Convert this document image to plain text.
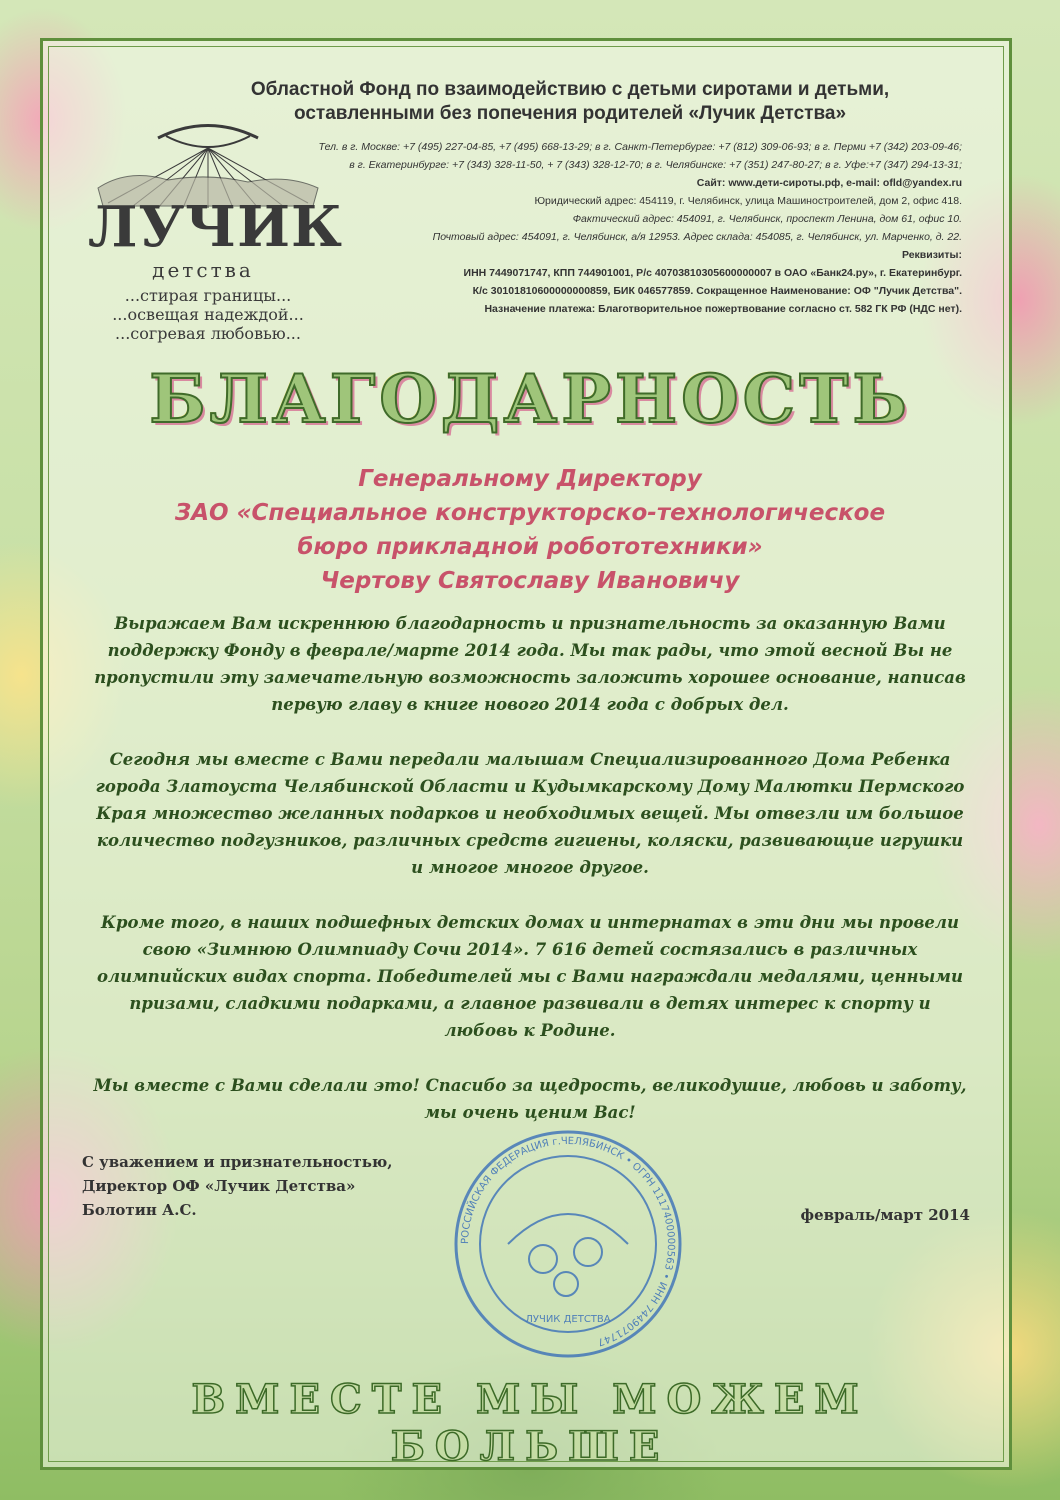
Областной Фонд по взаимодействию с детьми сиротами и детьми,
оставленными без попечения родителей «Лучик Детства»
ЛУЧИК
детства
...стирая границы...
...освещая надеждой...
...согревая любовью...
Тел. в г. Москве: +7 (495) 227-04-85, +7 (495) 668-13-29; в г. Санкт-Петербурге: +7 (812) 309-06-93; в г. Перми +7 (342) 203-09-46;
в г. Екатеринбурге: +7 (343) 328-11-50, + 7 (343) 328-12-70; в г. Челябинске: +7 (351) 247-80-27; в г. Уфе:+7 (347) 294-13-31;
Сайт: www.дети-сироты.рф, e-mail: ofld@yandex.ru
Юридический адрес: 454119, г. Челябинск, улица Машиностроителей, дом 2, офис 418.
Фактический адрес: 454091, г. Челябинск, проспект Ленина, дом 61, офис 10.
Почтовый адрес: 454091, г. Челябинск, а/я 12953. Адрес склада: 454085, г. Челябинск, ул. Марченко, д. 22.
Реквизиты:
ИНН 7449071747, КПП 744901001, Р/с 40703810305600000007 в ОАО «Банк24.ру», г. Екатеринбург.
К/с 30101810600000000859, БИК 046577859. Сокращенное Наименование: ОФ "Лучик Детства".
Назначение платежа: Благотворительное пожертвование согласно ст. 582 ГК РФ (НДС нет).
БЛАГОДАРНОСТЬ
Генеральному Директору
ЗАО «Специальное конструкторско-технологическое
бюро прикладной робототехники»
Чертову Святославу Ивановичу

Выражаем Вам искреннюю благодарность и признательность за оказанную Вами поддержку Фонду в феврале/марте 2014 года. Мы так рады, что этой весной Вы не пропустили эту замечательную возможность заложить хорошее основание, написав первую главу в книге нового 2014 года с добрых дел.

Сегодня мы вместе с Вами передали малышам Специализированного Дома Ребенка города Златоуста Челябинской Области и Кудымкарскому Дому Малютки Пермского Края множество желанных подарков и необходимых вещей. Мы отвезли им большое количество подгузников, различных средств гигиены, коляски, развивающие игрушки и многое многое другое.

Кроме того, в наших подшефных детских домах и интернатах в эти дни мы провели свою «Зимнюю Олимпиаду Сочи 2014». 7 616 детей состязались в различных олимпийских видах спорта. Победителей мы с Вами награждали медалями, ценными призами, сладкими подарками, а главное развивали в детях интерес к спорту и любовь к Родине.

Мы вместе с Вами сделали это! Спасибо за щедрость, великодушие, любовь и заботу, мы очень ценим Вас!

С уважением и признательностью,
Директор ОФ «Лучик Детства»
Болотин А.С.
РОССИЙСКАЯ ФЕДЕРАЦИЯ г.ЧЕЛЯБИНСК • ОГРН 1117400000563 • ИНН 7449071747
ЛУЧИК ДЕТСТВА
февраль/март 2014
ВМЕСТЕ МЫ МОЖЕМ БОЛЬШЕ
